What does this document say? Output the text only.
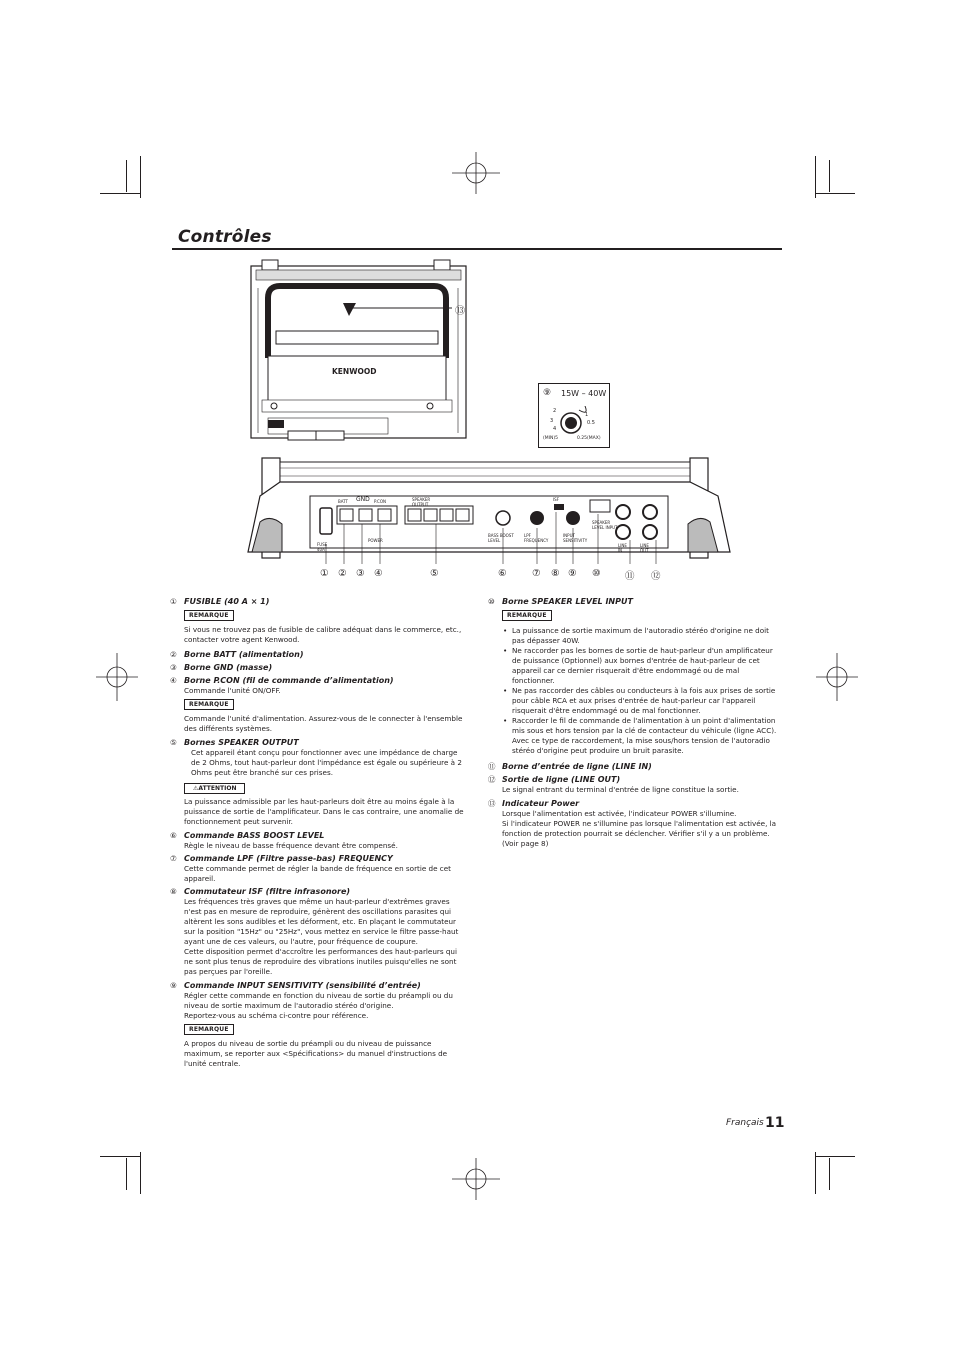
Contrôles
KENWOOD
⑬
⑨ 15W – 40W
2
3
4
1
0.5
(MIN)5	0.25(MAX)
BATT GND P.CON	SPEAKER OUTPUT
FUSE 40A
POWER
BASS BOOST LEVEL
LPF FREQUENCY
ISF
INPUT SENSITIVITY
SPEAKER LEVEL INPUT
LINE IN
LINE OUT
① ② ③ ④	⑤	⑥	⑦ ⑧ ⑨ ⑩	⑪ ⑫
① FUSIBLE (40 A × 1)
REMARQUE
Si vous ne trouvez pas de fusible de calibre adéquat dans le commerce, etc., contacter votre agent Kenwood.
② Borne BATT (alimentation)
③ Borne GND (masse)
④ Borne P.CON (fil de commande d’alimentation)
Commande l'unité ON/OFF.
REMARQUE
Commande l'unité d'alimentation. Assurez-vous de le connecter à l'ensemble des différents systèmes.
⑤ Bornes SPEAKER OUTPUT
Cet appareil étant conçu pour fonctionner avec une impédance de charge de 2 Ohms, tout haut-parleur dont l'impédance est égale ou supérieure à 2 Ohms peut être branché sur ces prises.
⚠ATTENTION
La puissance admissible par les haut-parleurs doit être au moins égale à la puissance de sortie de l'amplificateur. Dans le cas contraire, une anomalie de fonctionnement peut survenir.
⑥ Commande BASS BOOST LEVEL
Règle le niveau de basse fréquence devant être compensé.
⑦ Commande LPF (Filtre passe-bas) FREQUENCY
Cette commande permet de régler la bande de fréquence en sortie de cet appareil.
⑧ Commutateur ISF (filtre infrasonore)
Les fréquences très graves que même un haut-parleur d'extrêmes graves n'est pas en mesure de reproduire, génèrent des oscillations parasites qui altèrent les sons audibles et les déforment, etc. En plaçant le commutateur sur la position "15Hz" ou "25Hz", vous mettez en service le filtre passe-haut ayant une de ces valeurs, ou l'autre, pour fréquence de coupure.
Cette disposition permet d'accroître les performances des haut-parleurs qui ne sont plus tenus de reproduire des vibrations inutiles puisqu'elles ne sont pas perçues par l'oreille.
⑨ Commande INPUT SENSITIVITY (sensibilité d’entrée)
Régler cette commande en fonction du niveau de sortie du préampli ou du niveau de sortie maximum de l'autoradio stéréo d'origine.
Reportez-vous au schéma ci-contre pour référence.
REMARQUE
A propos du niveau de sortie du préampli ou du niveau de puissance maximum, se reporter aux <Spécifications> du manuel d'instructions de l'unité centrale.
⑩ Borne SPEAKER LEVEL INPUT
REMARQUE
• La puissance de sortie maximum de l'autoradio stéréo d'origine ne doit pas dépasser 40W.
• Ne raccorder pas les bornes de sortie de haut-parleur d'un amplificateur de puissance (Optionnel) aux bornes d'entrée de haut-parleur de cet appareil car ce dernier risquerait d'être endommagé ou de mal fonctionner.
• Ne pas raccorder des câbles ou conducteurs à la fois aux prises de sortie pour câble RCA et aux prises d'entrée de haut-parleur car l'appareil risquerait d'être endommagé ou de mal fonctionner.
• Raccorder le fil de commande de l'alimentation à un point d'alimentation mis sous et hors tension par la clé de contacteur du véhicule (ligne ACC). Avec ce type de raccordement, la mise sous/hors tension de l'autoradio stéréo d'origine peut produire un bruit parasite.
⑪ Borne d’entrée de ligne (LINE IN)
⑫ Sortie de ligne (LINE OUT)
Le signal entrant du terminal d'entrée de ligne constitue la sortie.
⑬ Indicateur Power
Lorsque l'alimentation est activée, l'indicateur POWER s'illumine.
Si l'indicateur POWER ne s'illumine pas lorsque l'alimentation est activée, la fonction de protection pourrait se déclencher. Vérifier s'il y a un problème. (Voir page 8)
Français 11
